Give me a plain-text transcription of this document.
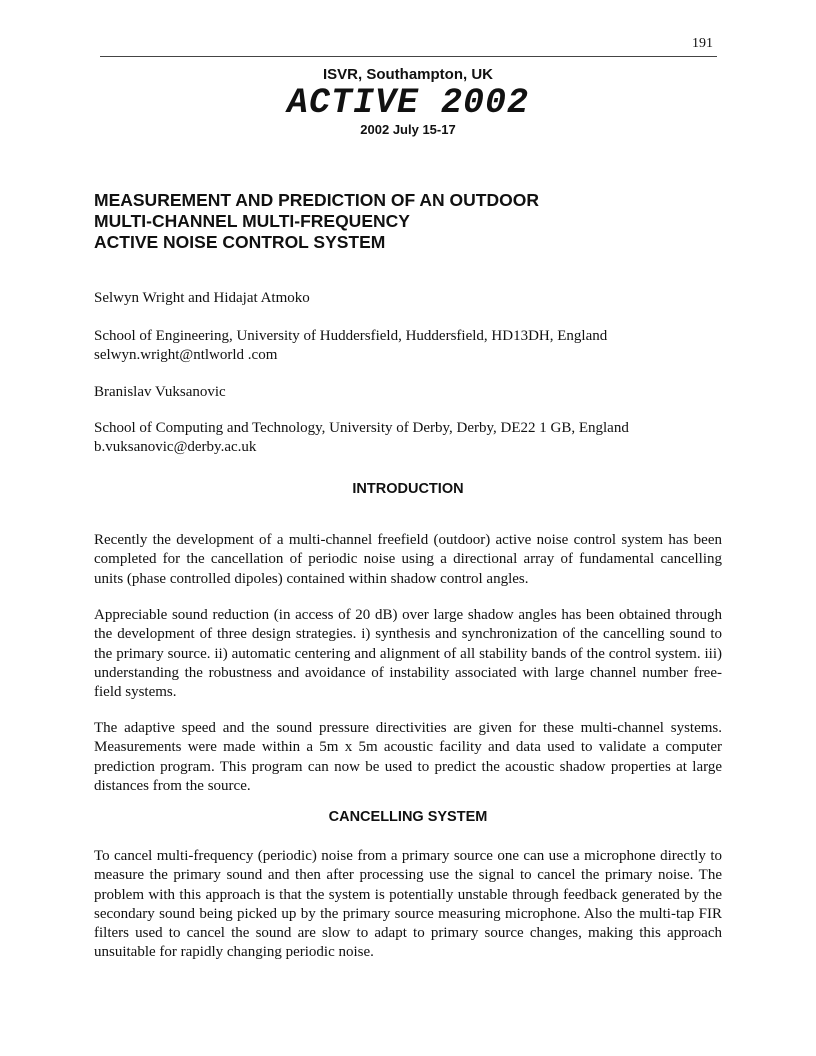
191
ISVR, Southampton, UK
ACTIVE 2002
2002 July 15-17
MEASUREMENT AND PREDICTION OF AN OUTDOOR
MULTI-CHANNEL MULTI-FREQUENCY
ACTIVE NOISE CONTROL SYSTEM
Selwyn Wright and Hidajat Atmoko
School of Engineering, University of Huddersfield, Huddersfield, HD13DH, England
selwyn.wright@ntlworld .com
Branislav Vuksanovic
School of Computing and Technology, University of Derby, Derby, DE22 1 GB, England
b.vuksanovic@derby.ac.uk
INTRODUCTION
Recently the development of a multi-channel freefield (outdoor) active noise control system has been completed for the cancellation of periodic noise using a directional array of fundamental cancelling units (phase controlled dipoles) contained within shadow control angles.
Appreciable sound reduction (in access of 20 dB) over large shadow angles has been obtained through the development of three design strategies. i) synthesis and synchronization of the cancelling sound to the primary source. ii) automatic centering and alignment of all stability bands of the control system. iii) understanding the robustness and avoidance of instability associated with large channel number free-field systems.
The adaptive speed and the sound pressure directivities are given for these multi-channel systems. Measurements were made within a 5m x 5m acoustic facility and data used to validate a computer prediction program. This program can now be used to predict the acoustic shadow properties at large distances from the source.
CANCELLING SYSTEM
To cancel multi-frequency (periodic) noise from a primary source one can use a microphone directly to measure the primary sound and then after processing use the signal to cancel the primary noise. The problem with this approach is that the system is potentially unstable through feedback generated by the secondary sound being picked up by the primary source measuring microphone. Also the multi-tap FIR filters used to cancel the sound are slow to adapt to primary source changes, making this approach unsuitable for rapidly changing periodic noise.
